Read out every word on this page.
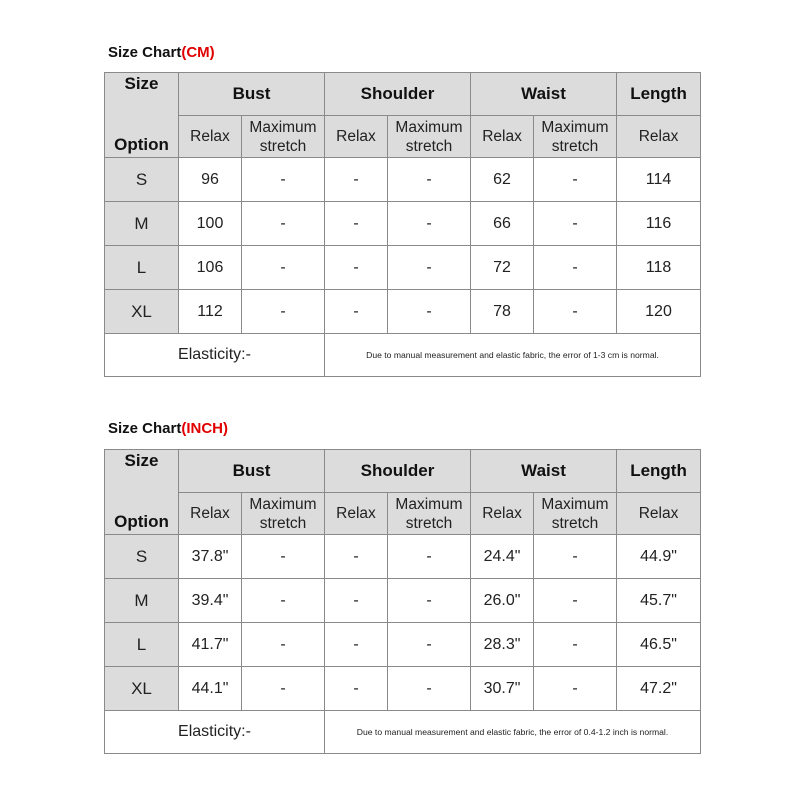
Size Chart(CM)
Size
Option	Bust		Shoulder		Waist		Length
	Relax	Maximum stretch	Relax	Maximum stretch	Relax	Maximum stretch	Relax
S	96	-	-	-	62	-	114
M	100	-	-	-	66	-	116
L	106	-	-	-	72	-	118
XL	112	-	-	-	78	-	120
Elasticity:-			Due to manual measurement and elastic fabric, the error of 1-3 cm is normal.				
Size Chart(INCH)
Size
Option	Bust		Shoulder		Waist		Length
	Relax	Maximum stretch	Relax	Maximum stretch	Relax	Maximum stretch	Relax
S	37.8"	-	-	-	24.4"	-	44.9"
M	39.4"	-	-	-	26.0"	-	45.7"
L	41.7"	-	-	-	28.3"	-	46.5"
XL	44.1"	-	-	-	30.7"	-	47.2"
Elasticity:-			Due to manual measurement and elastic fabric, the error of 0.4-1.2 inch is normal.				
